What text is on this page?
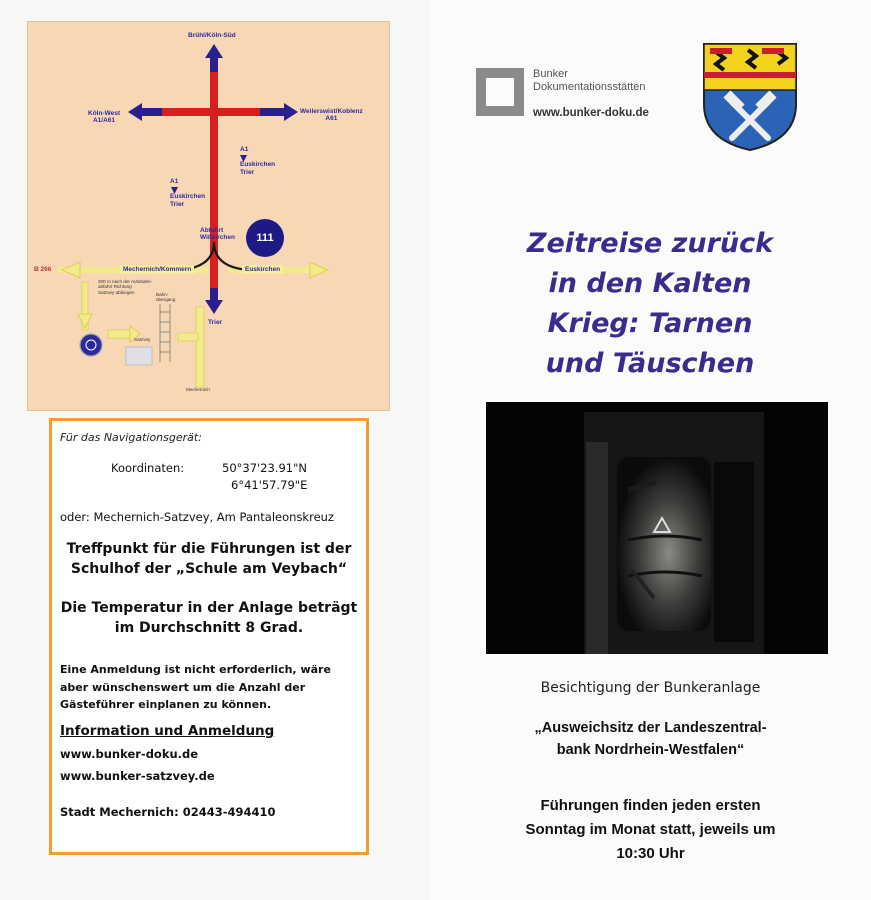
Brühl/Köln-Süd
Köln-West
A1/A61
Weilerswist/Koblenz
A61
A1
Euskirchen
Trier
A1
Euskirchen
Trier
Abfahrt
Wißkirchen	111
B 266	Mechernich/Kommern	Euskirchen
200 m nach der Autobahn-
abfahrt Richtung
Satzvey abbiegen
Trier
Bahn-
übergang
Satzvey
Mechernich
Für das Navigationsgerät:
Koordinaten:	50°37'23.91"N
6°41'57.79"E
oder: Mechernich-Satzvey, Am Pantaleonskreuz
Treffpunkt für die Führungen ist der
Schulhof der „Schule am Veybach“
Die Temperatur in der Anlage beträgt
im Durchschnitt 8 Grad.
Eine Anmeldung ist nicht erforderlich, wäre
aber wünschenswert um die Anzahl der
Gästeführer einplanen zu können.
Information und Anmeldung
www.bunker-doku.de
www.bunker-satzvey.de
Stadt Mechernich: 02443-494410
Bunker
Dokumentationsstätten
www.bunker-doku.de
Zeitreise zurück
in den Kalten
Krieg: Tarnen
und Täuschen
Besichtigung der Bunkeranlage
„Ausweichsitz der Landeszentral-
bank Nordrhein-Westfalen“
Führungen finden jeden ersten
Sonntag im Monat statt, jeweils um
10:30 Uhr
